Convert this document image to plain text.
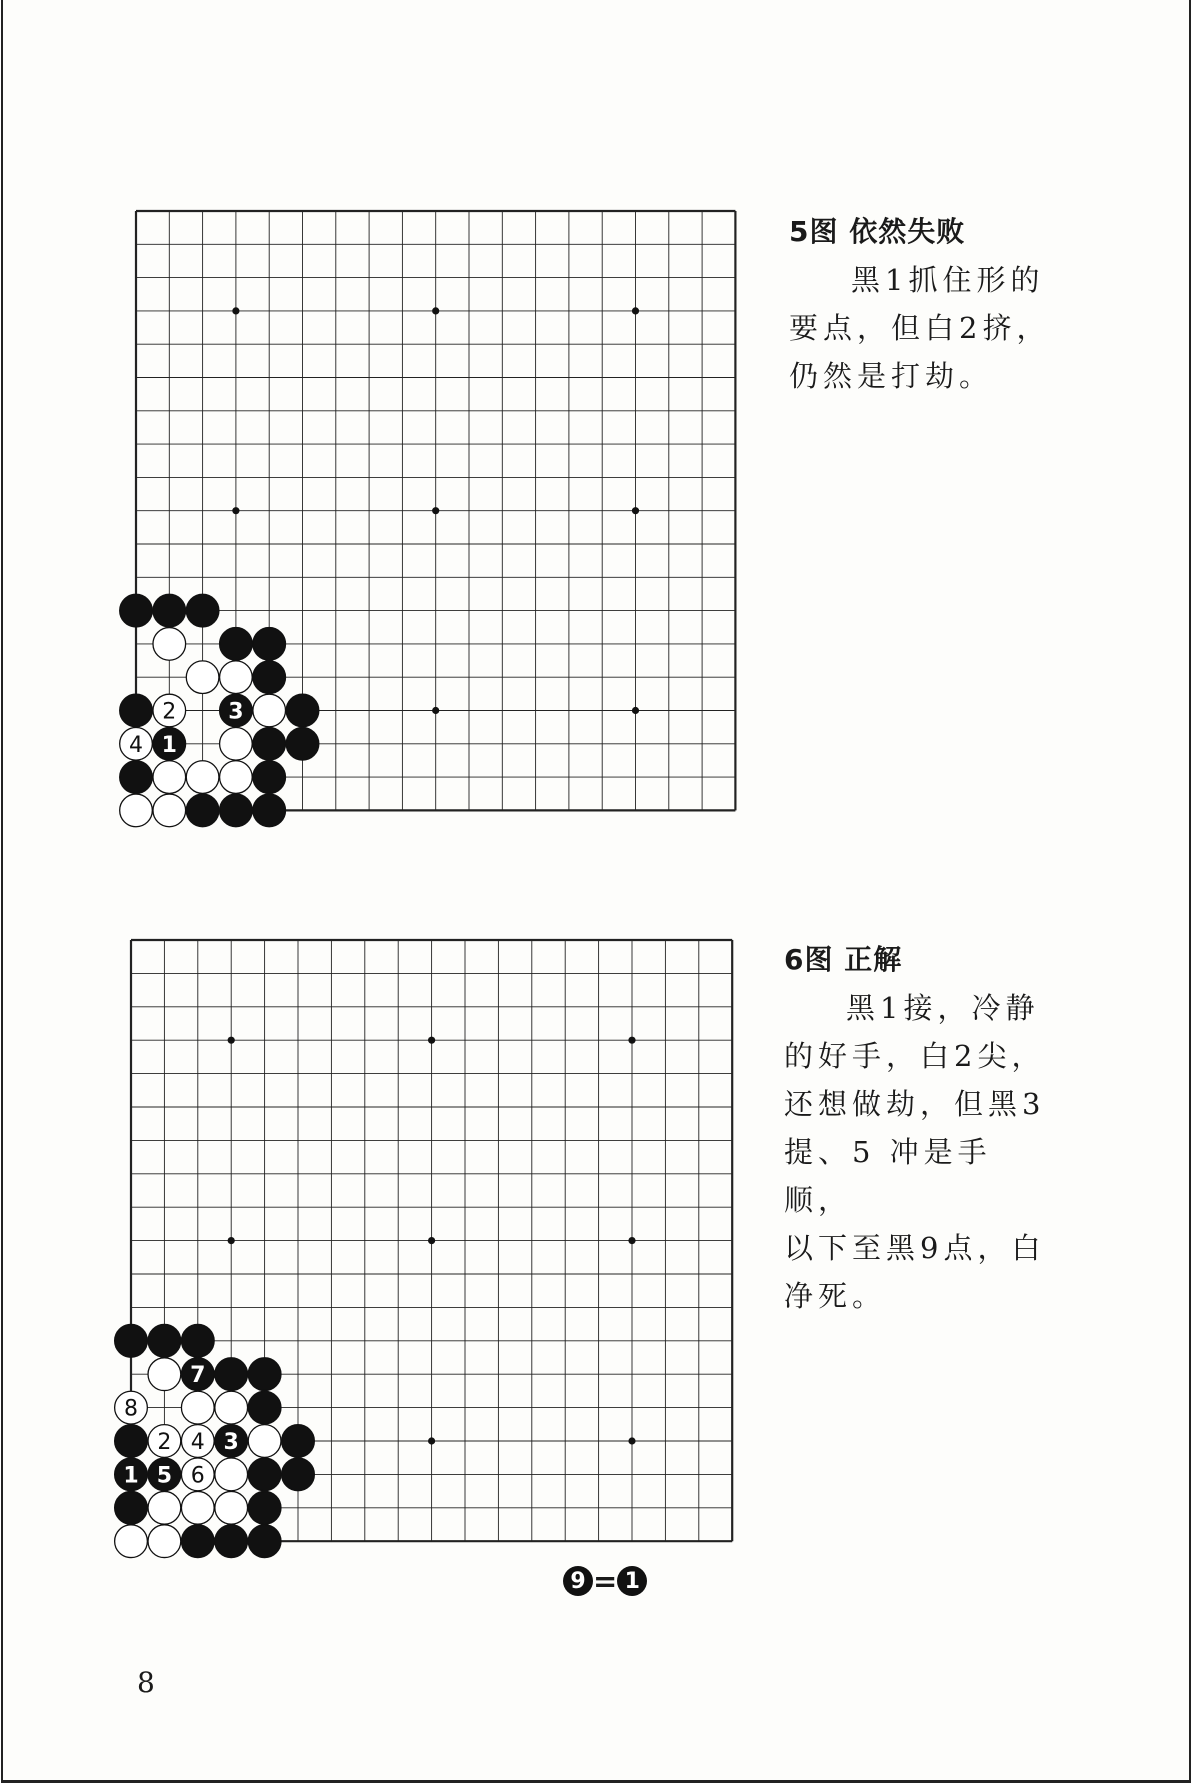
2 3
4 1
5图 依然失败
黑1抓住形的
要点，但白2挤，
仍然是打劫。
7
8
2 4 3
1 5 6
6图 正解
黑1接，冷静
的好手，白2尖，
还想做劫，但黑3
提、5 冲是手顺，
以下至黑9点，白
净死。
9 = 1
8
